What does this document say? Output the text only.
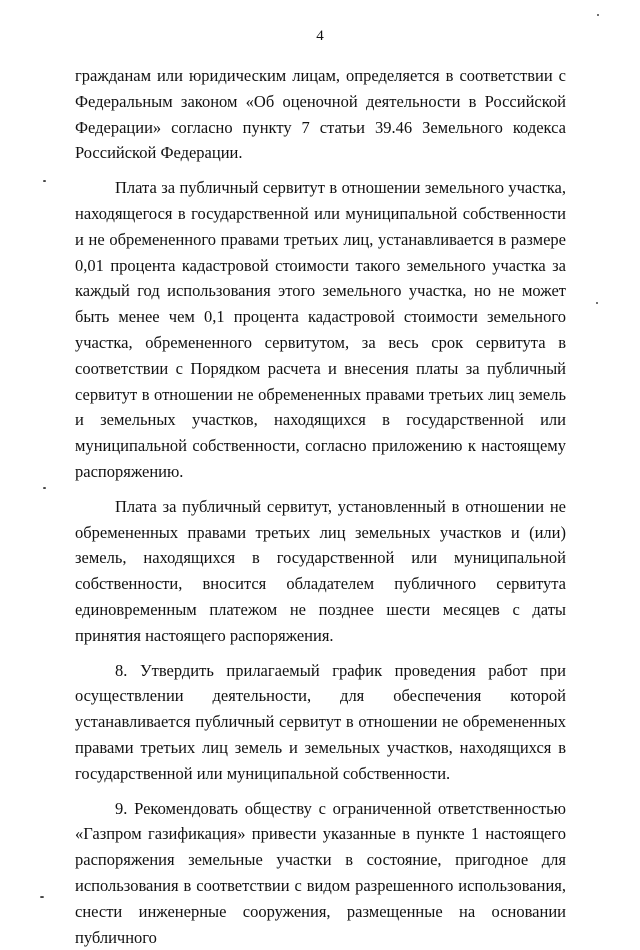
4

гражданам или юридическим лицам, определяется в соответствии с Федеральным законом «Об оценочной деятельности в Российской Федерации» согласно пункту 7 статьи 39.46 Земельного кодекса Российской Федерации.

Плата за публичный сервитут в отношении земельного участка, находящегося в государственной или муниципальной собственности и не обремененного правами третьих лиц, устанавливается в размере 0,01 процента кадастровой стоимости такого земельного участка за каждый год использования этого земельного участка, но не может быть менее чем 0,1 процента кадастровой стоимости земельного участка, обремененного сервитутом, за весь срок сервитута в соответствии с Порядком расчета и внесения платы за публичный сервитут в отношении не обремененных правами третьих лиц земель и земельных участков, находящихся в государственной или муниципальной собственности, согласно приложению к настоящему распоряжению.

Плата за публичный сервитут, установленный в отношении не обремененных правами третьих лиц земельных участков и (или) земель, находящихся в государственной или муниципальной собственности, вносится обладателем публичного сервитута единовременным платежом не позднее шести месяцев с даты принятия настоящего распоряжения.

8. Утвердить прилагаемый график проведения работ при осуществлении деятельности, для обеспечения которой устанавливается публичный сервитут в отношении не обремененных правами третьих лиц земель и земельных участков, находящихся в государственной или муниципальной собственности.

9. Рекомендовать обществу с ограниченной ответственностью «Газпром газификация» привести указанные в пункте 1 настоящего распоряжения земельные участки в состояние, пригодное для использования в соответствии с видом разрешенного использования, снести инженерные сооружения, размещенные на основании публичного
